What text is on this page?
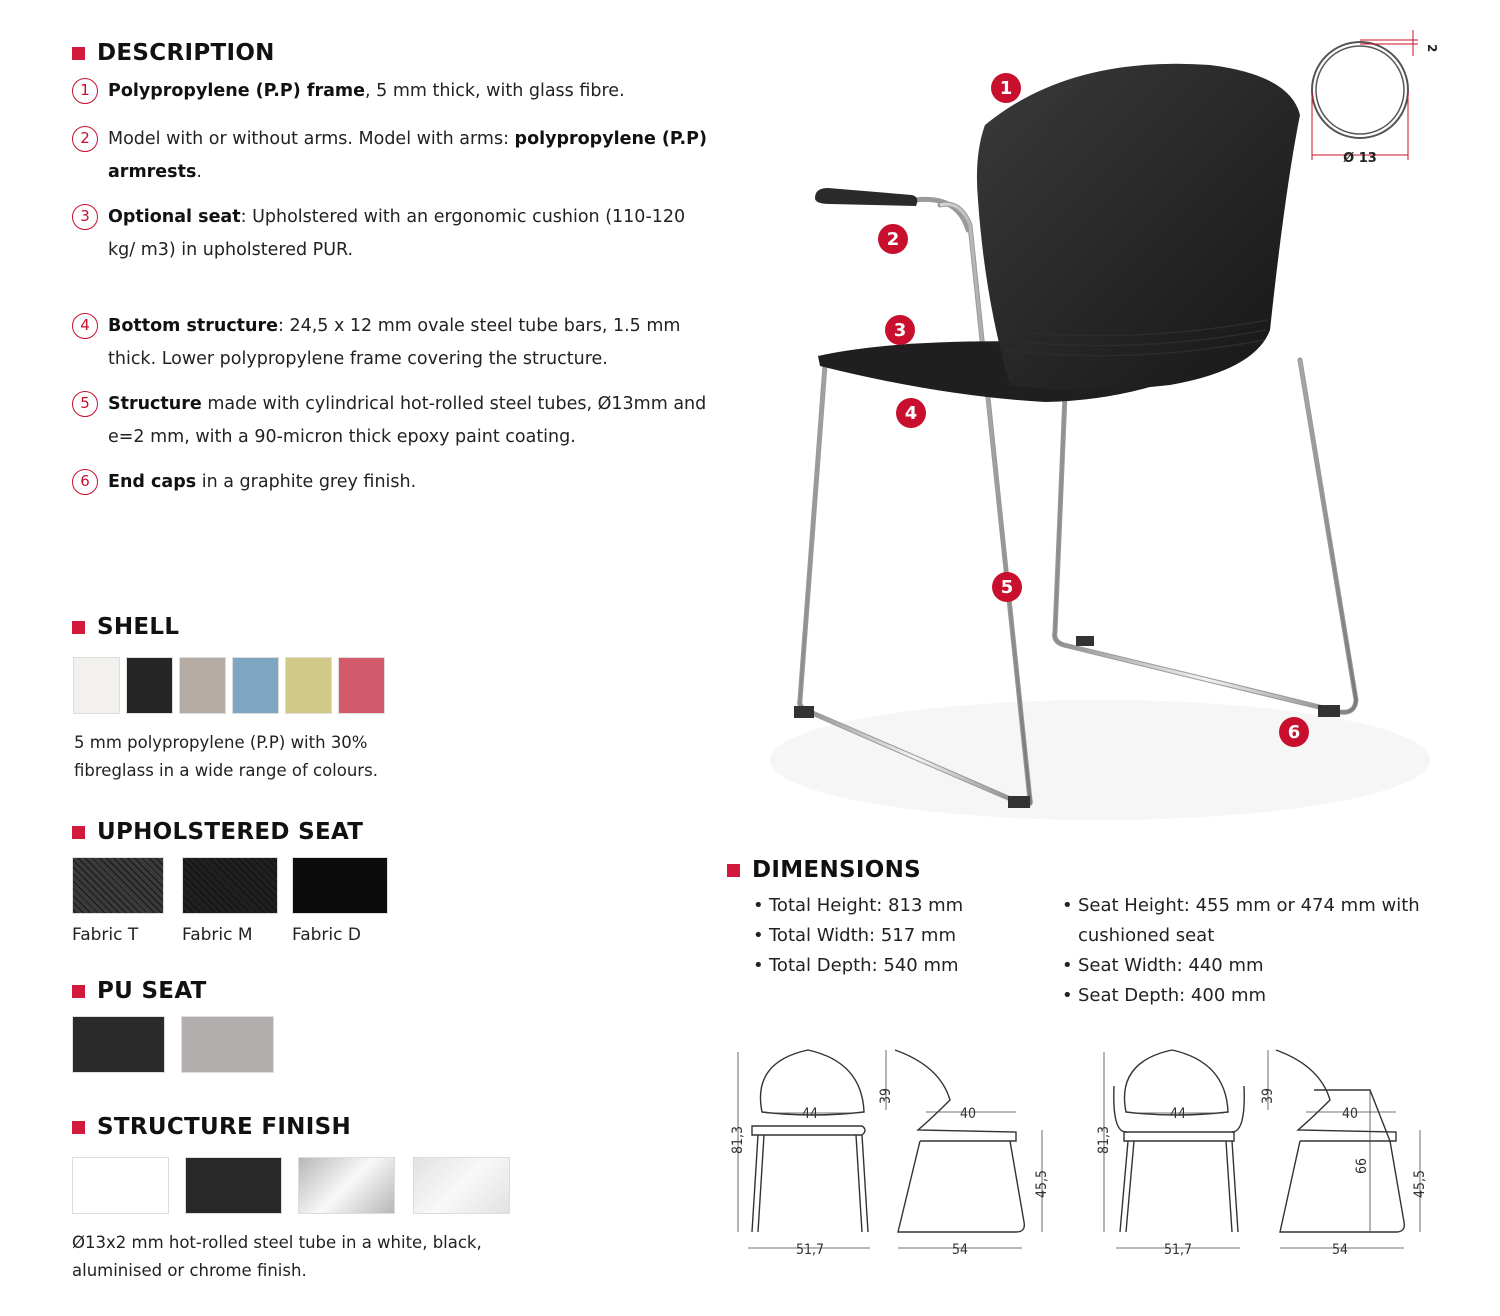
DESCRIPTION
1	Polypropylene (P.P) frame, 5 mm thick, with glass fibre.
2	Model with or without arms. Model with arms: polypropylene (P.P) armrests.
3	Optional seat: Upholstered with an ergonomic cushion (110-120 kg/ m3) in upholstered PUR.
4	Bottom structure: 24,5 x 12 mm ovale steel tube bars, 1.5 mm thick. Lower polypropylene frame covering the structure.
5	Structure made with cylindrical hot-rolled steel tubes, Ø13mm and e=2 mm, with a 90-micron thick epoxy paint coating.
6	End caps in a graphite grey finish.
SHELL
5 mm polypropylene (P.P) with 30% fibreglass in a wide range of colours.
UPHOLSTERED SEAT
Fabric T	Fabric M Fabric D
PU SEAT
STRUCTURE FINISH
Ø13x2 mm hot-rolled steel tube in a white, black, aluminised or chrome finish.
1
2
3
4
5
6
Ø 13
2
DIMENSIONS
• Total Height: 813 mm
• Total Width: 517 mm
• Total Depth: 540 mm
• Seat Height: 455 mm or 474 mm with
cushioned seat
• Seat Width: 440 mm
• Seat Depth: 400 mm
81,3
44
51,7
39
40
45,5
54
81,3
44
51,7
39
40
66
45,5
54
